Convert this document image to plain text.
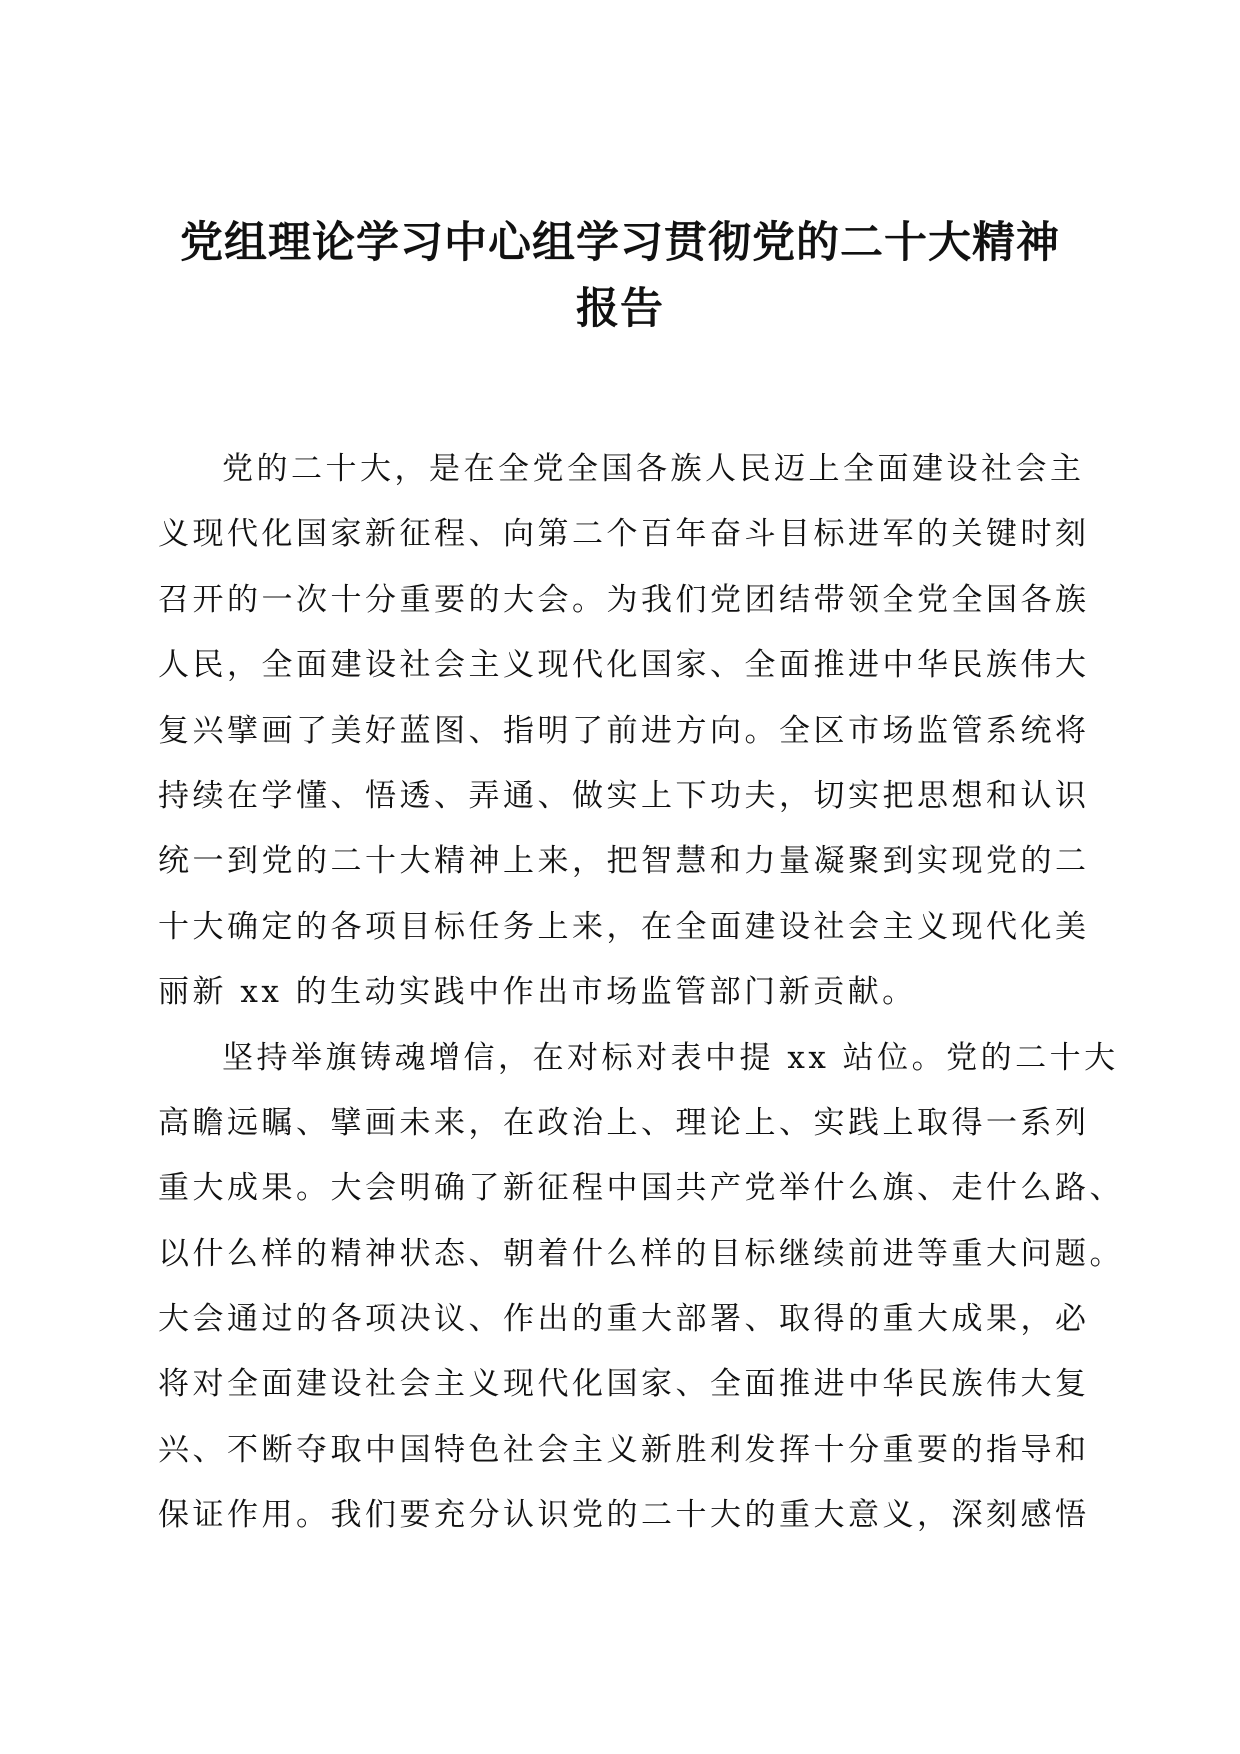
党组理论学习中心组学习贯彻党的二十大精神
报告
党的二十大，是在全党全国各族人民迈上全面建设社会主
义现代化国家新征程、向第二个百年奋斗目标进军的关键时刻
召开的一次十分重要的大会。为我们党团结带领全党全国各族
人民，全面建设社会主义现代化国家、全面推进中华民族伟大
复兴擘画了美好蓝图、指明了前进方向。全区市场监管系统将
持续在学懂、悟透、弄通、做实上下功夫，切实把思想和认识
统一到党的二十大精神上来，把智慧和力量凝聚到实现党的二
十大确定的各项目标任务上来，在全面建设社会主义现代化美
丽新 xx 的生动实践中作出市场监管部门新贡献。
坚持举旗铸魂增信，在对标对表中提 xx 站位。党的二十大
高瞻远瞩、擘画未来，在政治上、理论上、实践上取得一系列
重大成果。大会明确了新征程中国共产党举什么旗、走什么路、
以什么样的精神状态、朝着什么样的目标继续前进等重大问题。
大会通过的各项决议、作出的重大部署、取得的重大成果，必
将对全面建设社会主义现代化国家、全面推进中华民族伟大复
兴、不断夺取中国特色社会主义新胜利发挥十分重要的指导和
保证作用。我们要充分认识党的二十大的重大意义，深刻感悟
